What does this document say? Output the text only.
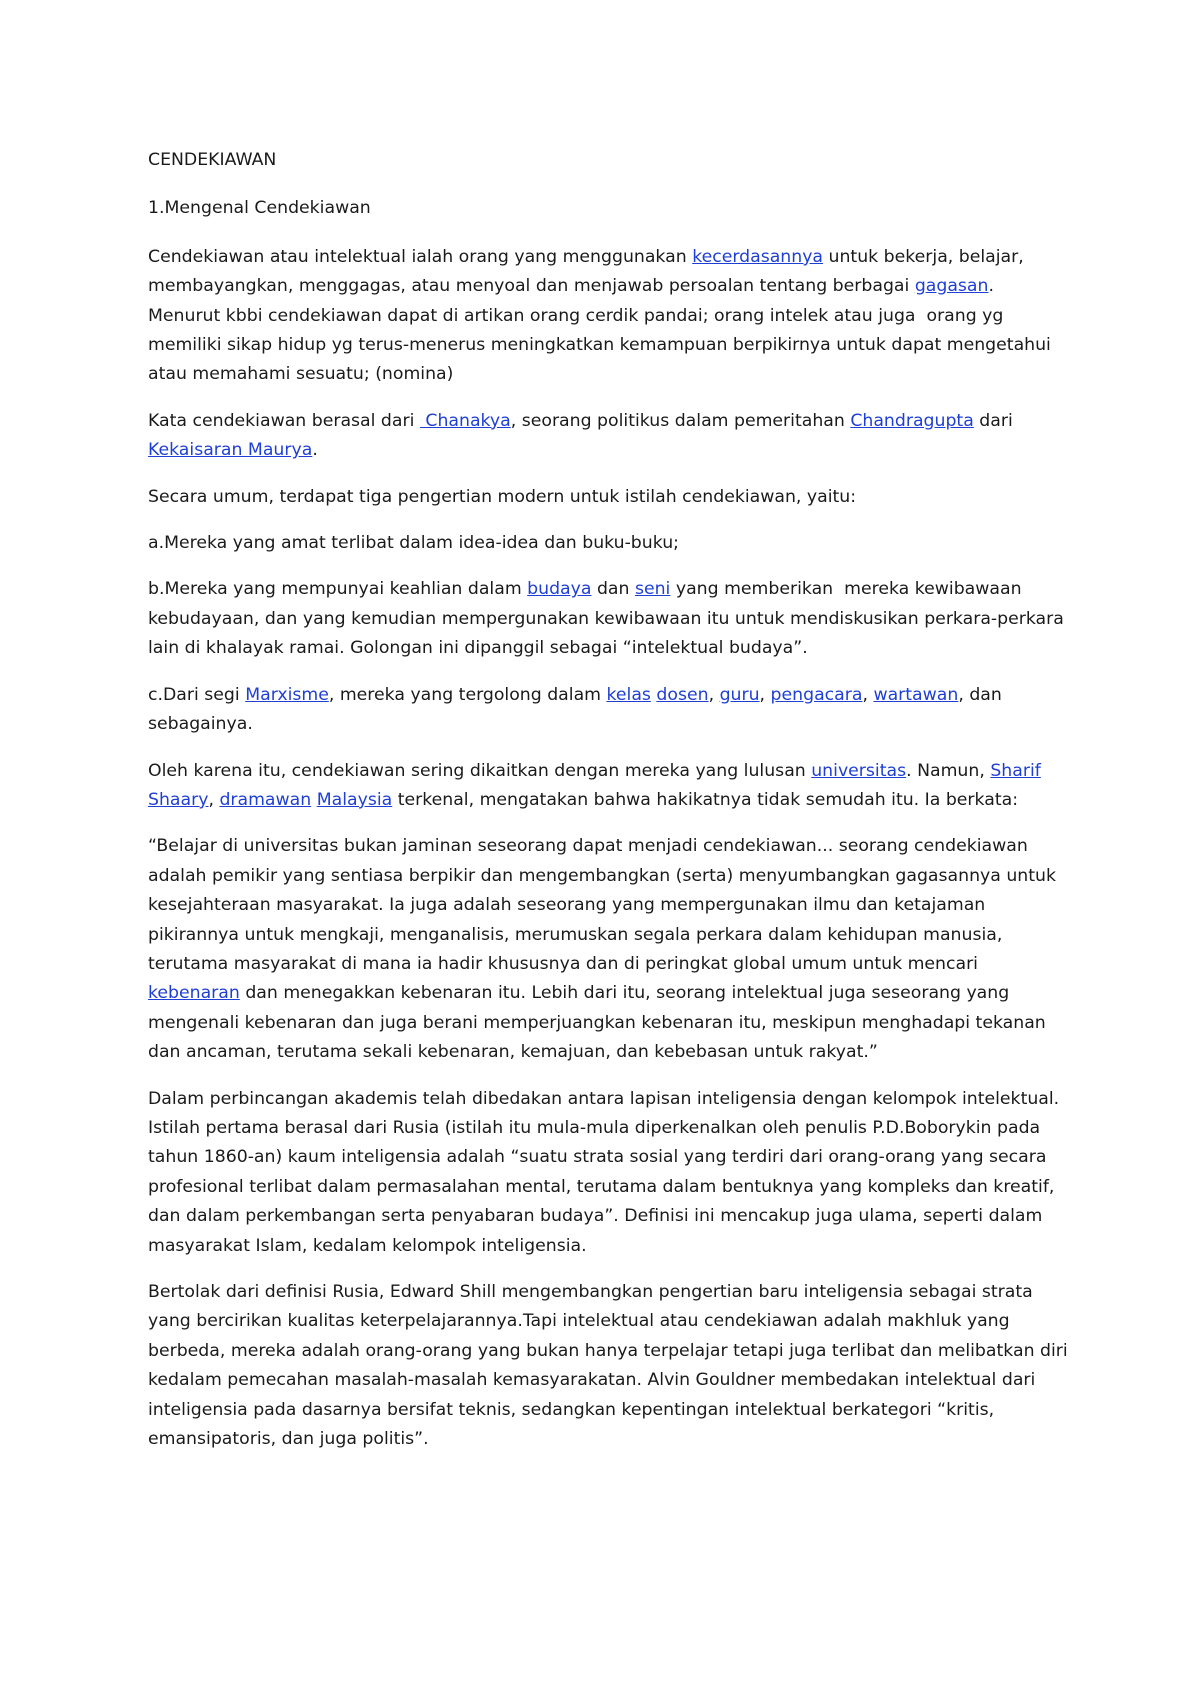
CENDEKIAWAN

1.Mengenal Cendekiawan

Cendekiawan atau intelektual ialah orang yang menggunakan kecerdasannya untuk bekerja, belajar, membayangkan, menggagas, atau menyoal dan menjawab persoalan tentang berbagai gagasan. Menurut kbbi cendekiawan dapat di artikan orang cerdik pandai; orang intelek atau juga  orang yg memiliki sikap hidup yg terus-menerus meningkatkan kemampuan berpikirnya untuk dapat mengetahui atau memahami sesuatu; (nomina)

Kata cendekiawan berasal dari  Chanakya, seorang politikus dalam pemeritahan Chandragupta dari Kekaisaran Maurya.

Secara umum, terdapat tiga pengertian modern untuk istilah cendekiawan, yaitu:

a.Mereka yang amat terlibat dalam idea-idea dan buku-buku;

b.Mereka yang mempunyai keahlian dalam budaya dan seni yang memberikan  mereka kewibawaan kebudayaan, dan yang kemudian mempergunakan kewibawaan itu untuk mendiskusikan perkara-perkara lain di khalayak ramai. Golongan ini dipanggil sebagai “intelektual budaya”.

c.Dari segi Marxisme, mereka yang tergolong dalam kelas dosen, guru, pengacara, wartawan, dan sebagainya.

Oleh karena itu, cendekiawan sering dikaitkan dengan mereka yang lulusan universitas. Namun, Sharif Shaary, dramawan Malaysia terkenal, mengatakan bahwa hakikatnya tidak semudah itu. Ia berkata:

“Belajar di universitas bukan jaminan seseorang dapat menjadi cendekiawan... seorang cendekiawan adalah pemikir yang sentiasa berpikir dan mengembangkan (serta) menyumbangkan gagasannya untuk kesejahteraan masyarakat. Ia juga adalah seseorang yang mempergunakan ilmu dan ketajaman pikirannya untuk mengkaji, menganalisis, merumuskan segala perkara dalam kehidupan manusia, terutama masyarakat di mana ia hadir khususnya dan di peringkat global umum untuk mencari kebenaran dan menegakkan kebenaran itu. Lebih dari itu, seorang intelektual juga seseorang yang mengenali kebenaran dan juga berani memperjuangkan kebenaran itu, meskipun menghadapi tekanan dan ancaman, terutama sekali kebenaran, kemajuan, dan kebebasan untuk rakyat.”

Dalam perbincangan akademis telah dibedakan antara lapisan inteligensia dengan kelompok intelektual. Istilah pertama berasal dari Rusia (istilah itu mula-mula diperkenalkan oleh penulis P.D.Boborykin pada tahun 1860-an) kaum inteligensia adalah “suatu strata sosial yang terdiri dari orang-orang yang secara profesional terlibat dalam permasalahan mental, terutama dalam bentuknya yang kompleks dan kreatif, dan dalam perkembangan serta penyabaran budaya”. Definisi ini mencakup juga ulama, seperti dalam masyarakat Islam, kedalam kelompok inteligensia.

Bertolak dari definisi Rusia, Edward Shill mengembangkan pengertian baru inteligensia sebagai strata yang bercirikan kualitas keterpelajarannya.Tapi intelektual atau cendekiawan adalah makhluk yang berbeda, mereka adalah orang-orang yang bukan hanya terpelajar tetapi juga terlibat dan melibatkan diri kedalam pemecahan masalah-masalah kemasyarakatan. Alvin Gouldner membedakan intelektual dari inteligensia pada dasarnya bersifat teknis, sedangkan kepentingan intelektual berkategori “kritis, emansipatoris, dan juga politis”.
